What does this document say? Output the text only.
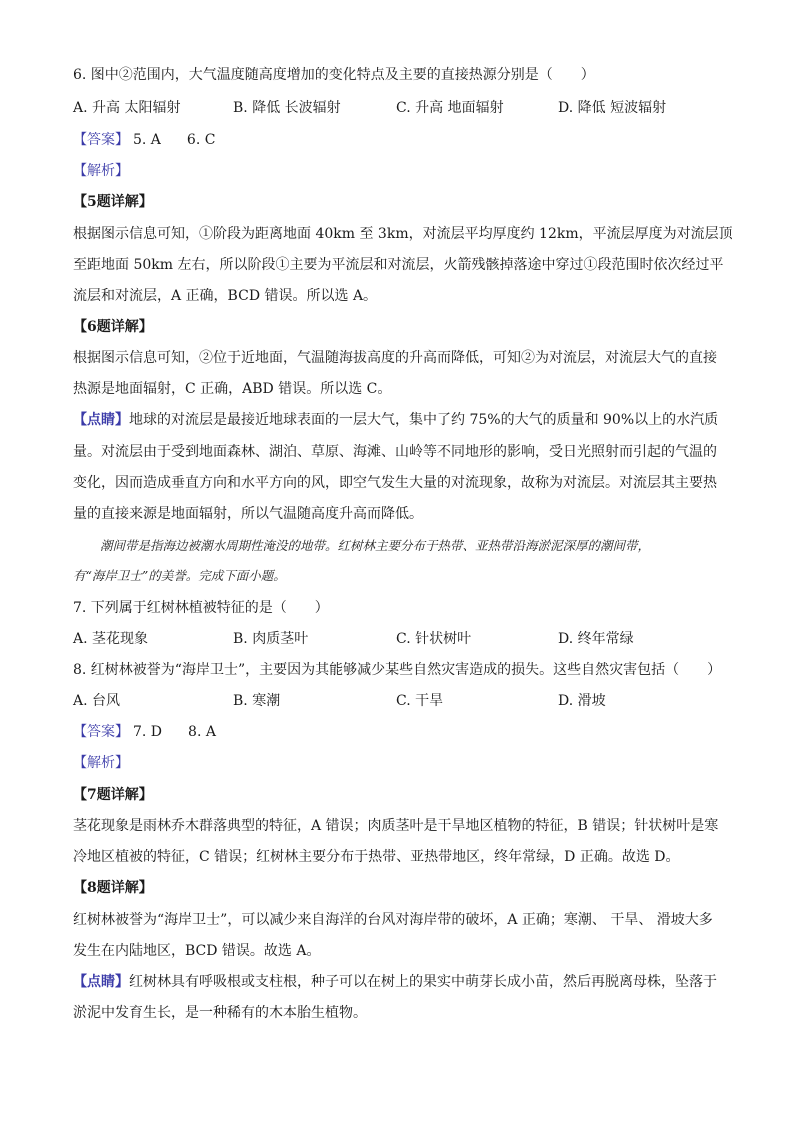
6. 图中②范围内，大气温度随高度增加的变化特点及主要的直接热源分别是（　　）
A. 升高 太阳辐射	B. 降低 长波辐射	C. 升高 地面辐射	D. 降低 短波辐射
【答案】 5. A 6. C
【解析】
【5题详解】
根据图示信息可知，①阶段为距离地面 40km 至 3km，对流层平均厚度约 12km，平流层厚度为对流层顶
至距地面 50km 左右，所以阶段①主要为平流层和对流层，火箭残骸掉落途中穿过①段范围时依次经过平
流层和对流层，A 正确，BCD 错误。所以选 A。
【6题详解】
根据图示信息可知，②位于近地面，气温随海拔高度的升高而降低，可知②为对流层，对流层大气的直接
热源是地面辐射，C 正确，ABD 错误。所以选 C。
【点睛】地球的对流层是最接近地球表面的一层大气，集中了约 75%的大气的质量和 90%以上的水汽质
量。对流层由于受到地面森林、湖泊、草原、海滩、山岭等不同地形的影响，受日光照射而引起的气温的
变化，因而造成垂直方向和水平方向的风，即空气发生大量的对流现象，故称为对流层。对流层其主要热
量的直接来源是地面辐射，所以气温随高度升高而降低。
潮间带是指海边被潮水周期性淹没的地带。红树林主要分布于热带、亚热带沿海淤泥深厚的潮间带，
有“海岸卫士”的美誉。完成下面小题。
7. 下列属于红树林植被特征的是（　　）
A. 茎花现象	B. 肉质茎叶	C. 针状树叶	D. 终年常绿
8. 红树林被誉为“海岸卫士”，主要因为其能够减少某些自然灾害造成的损失。这些自然灾害包括（　　）
A. 台风	B. 寒潮	C. 干旱	D. 滑坡
【答案】 7. D 8. A
【解析】
【7题详解】
茎花现象是雨林乔木群落典型的特征，A 错误；肉质茎叶是干旱地区植物的特征，B 错误；针状树叶是寒
冷地区植被的特征，C 错误；红树林主要分布于热带、亚热带地区，终年常绿，D 正确。故选 D。
【8题详解】
红树林被誉为“海岸卫士”，可以减少来自海洋的台风对海岸带的破坏，A 正确；寒潮、 干旱、 滑坡大多
发生在内陆地区，BCD 错误。故选 A。
【点睛】红树林具有呼吸根或支柱根，种子可以在树上的果实中萌芽长成小苗，然后再脱离母株，坠落于
淤泥中发育生长，是一种稀有的木本胎生植物。
